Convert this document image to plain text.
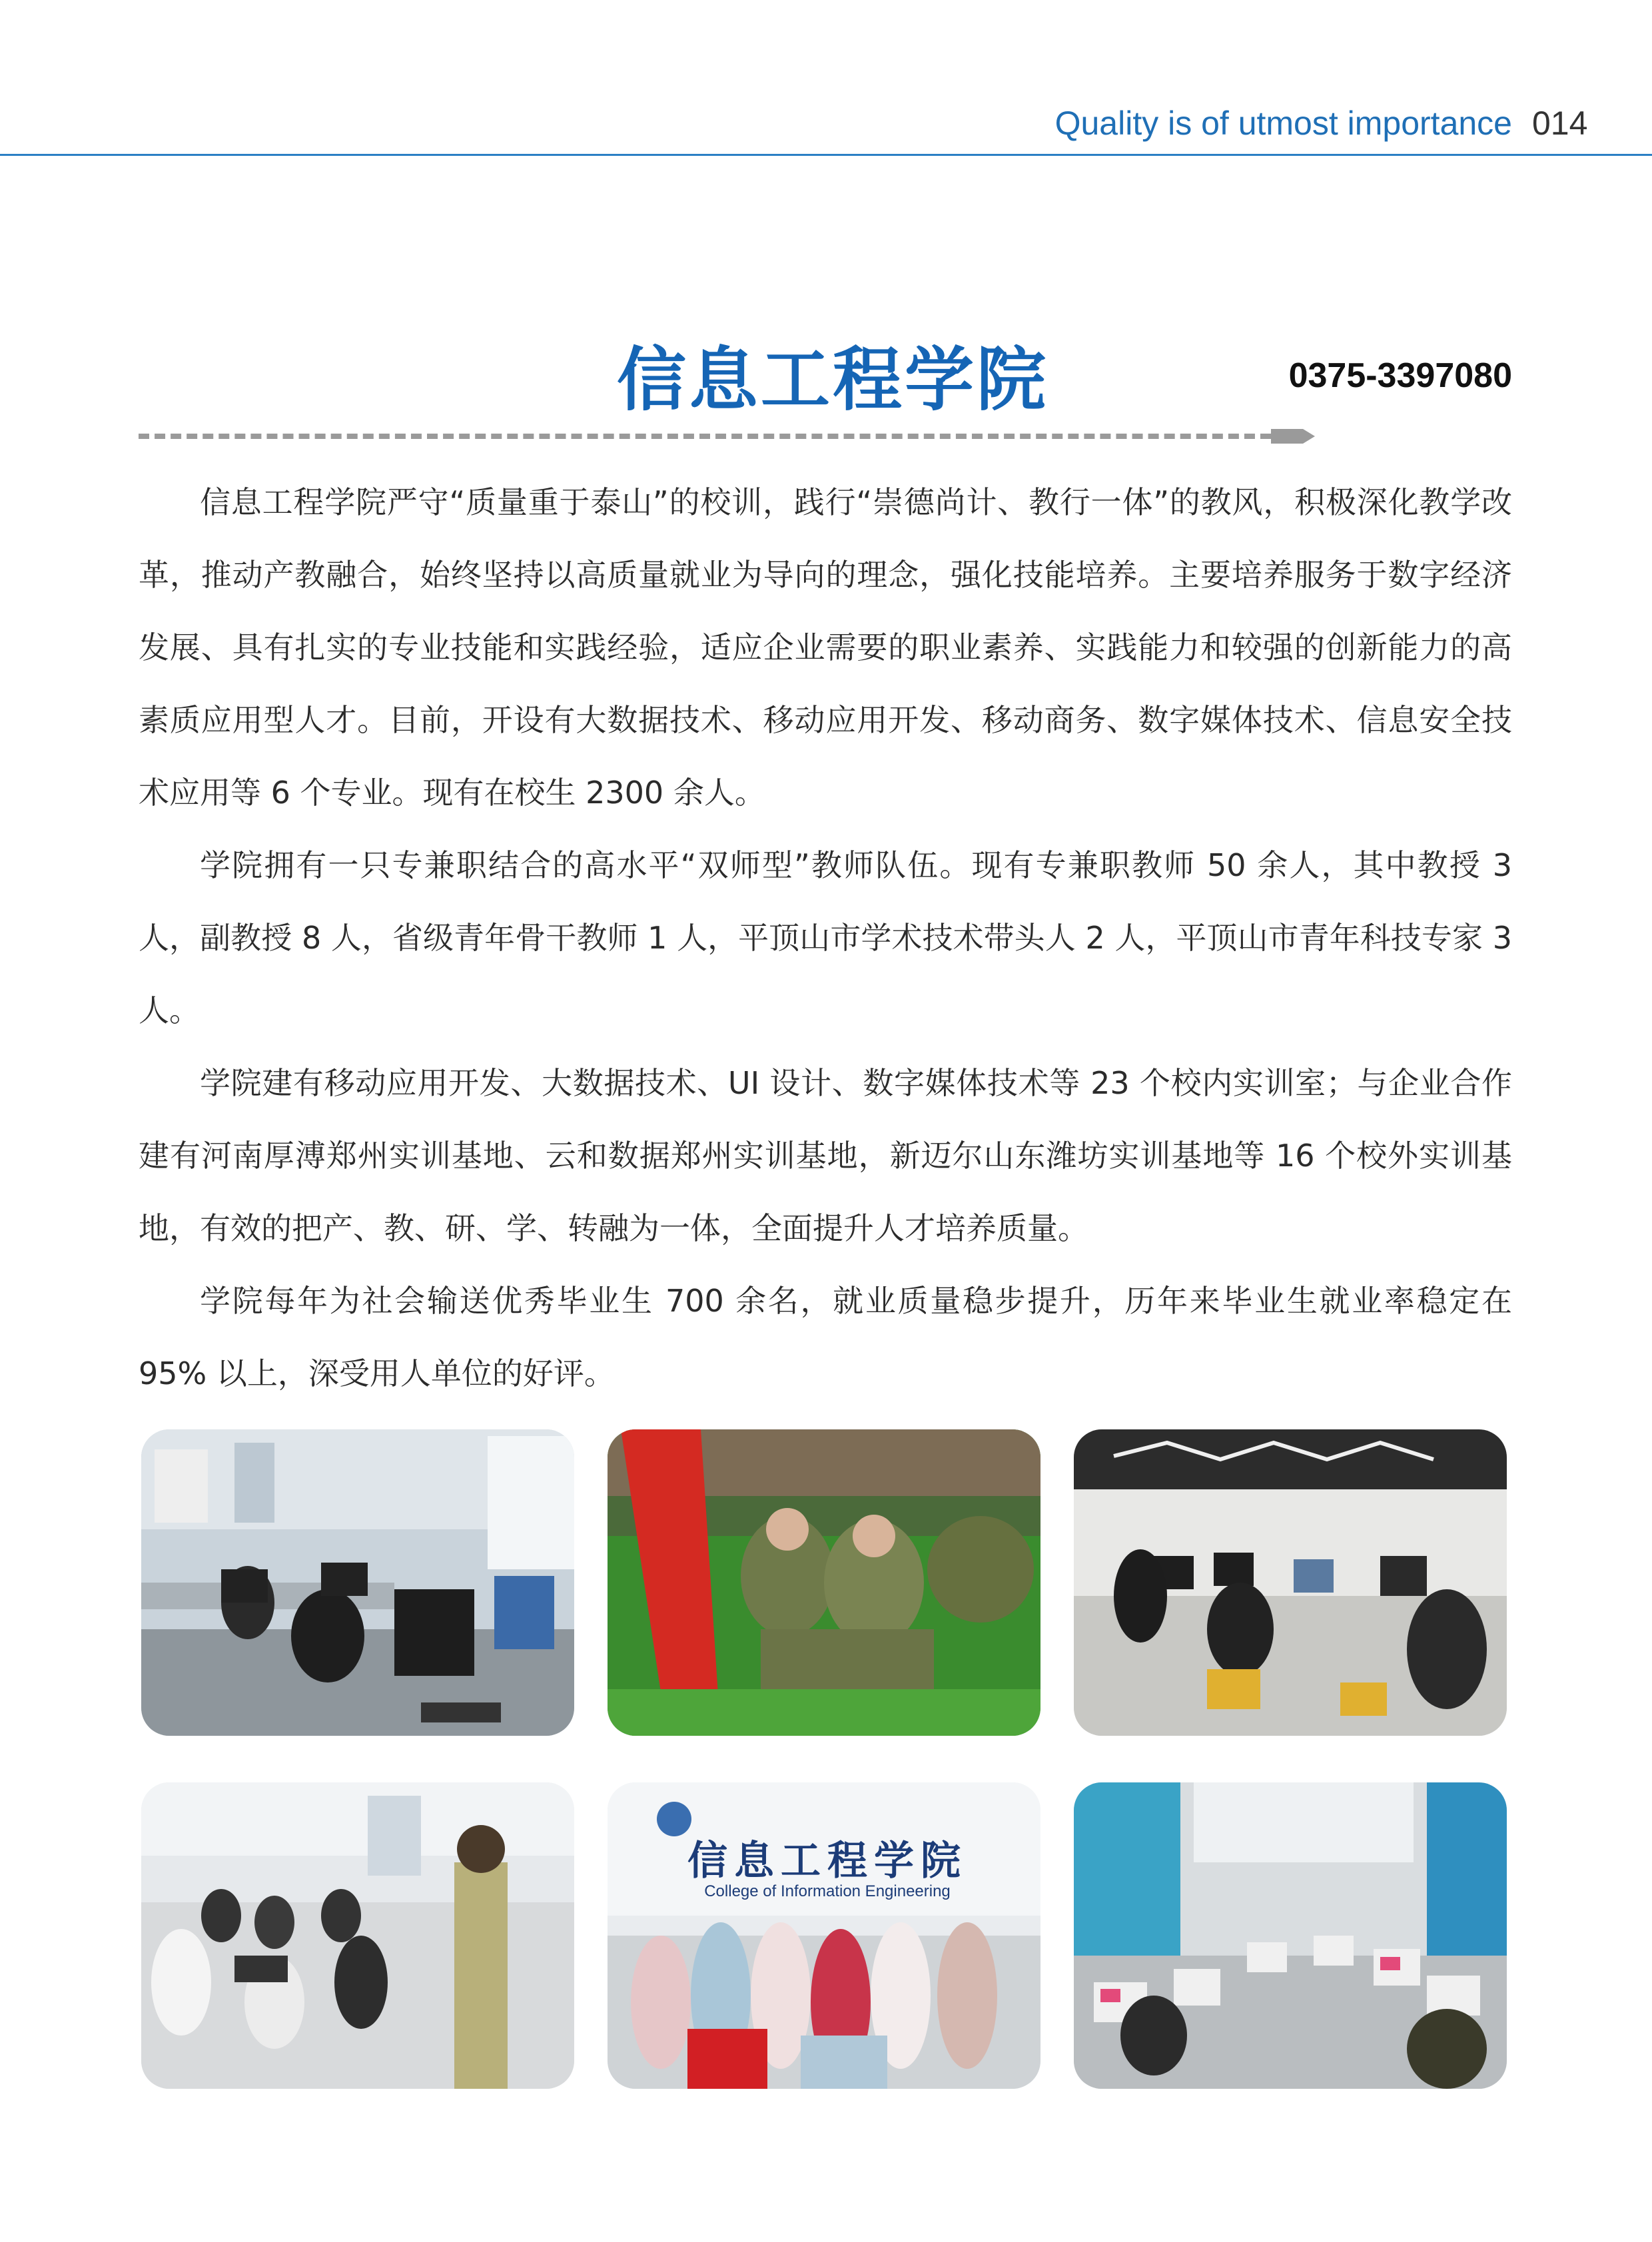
Quality is of utmost importance 014
信息工程学院	0375-3397080

信息工程学院严守“质量重于泰山”的校训，践行“崇德尚计、教行一体”的教风，积极深化教学改革，推动产教融合，始终坚持以高质量就业为导向的理念，强化技能培养。主要培养服务于数字经济发展、具有扎实的专业技能和实践经验，适应企业需要的职业素养、实践能力和较强的创新能力的高素质应用型人才。目前，开设有大数据技术、移动应用开发、移动商务、数字媒体技术、信息安全技术应用等 6 个专业。现有在校生 2300 余人。

学院拥有一只专兼职结合的高水平“双师型”教师队伍。现有专兼职教师 50 余人，其中教授 3 人，副教授 8 人，省级青年骨干教师 1 人，平顶山市学术技术带头人 2 人，平顶山市青年科技专家 3 人。

学院建有移动应用开发、大数据技术、UI 设计、数字媒体技术等 23 个校内实训室；与企业合作建有河南厚溥郑州实训基地、云和数据郑州实训基地，新迈尔山东潍坊实训基地等 16 个校外实训基地，有效的把产、教、研、学、转融为一体，全面提升人才培养质量。

学院每年为社会输送优秀毕业生 700 余名，就业质量稳步提升，历年来毕业生就业率稳定在 95% 以上，深受用人单位的好评。

信息工程学院
College of Information Engineering
